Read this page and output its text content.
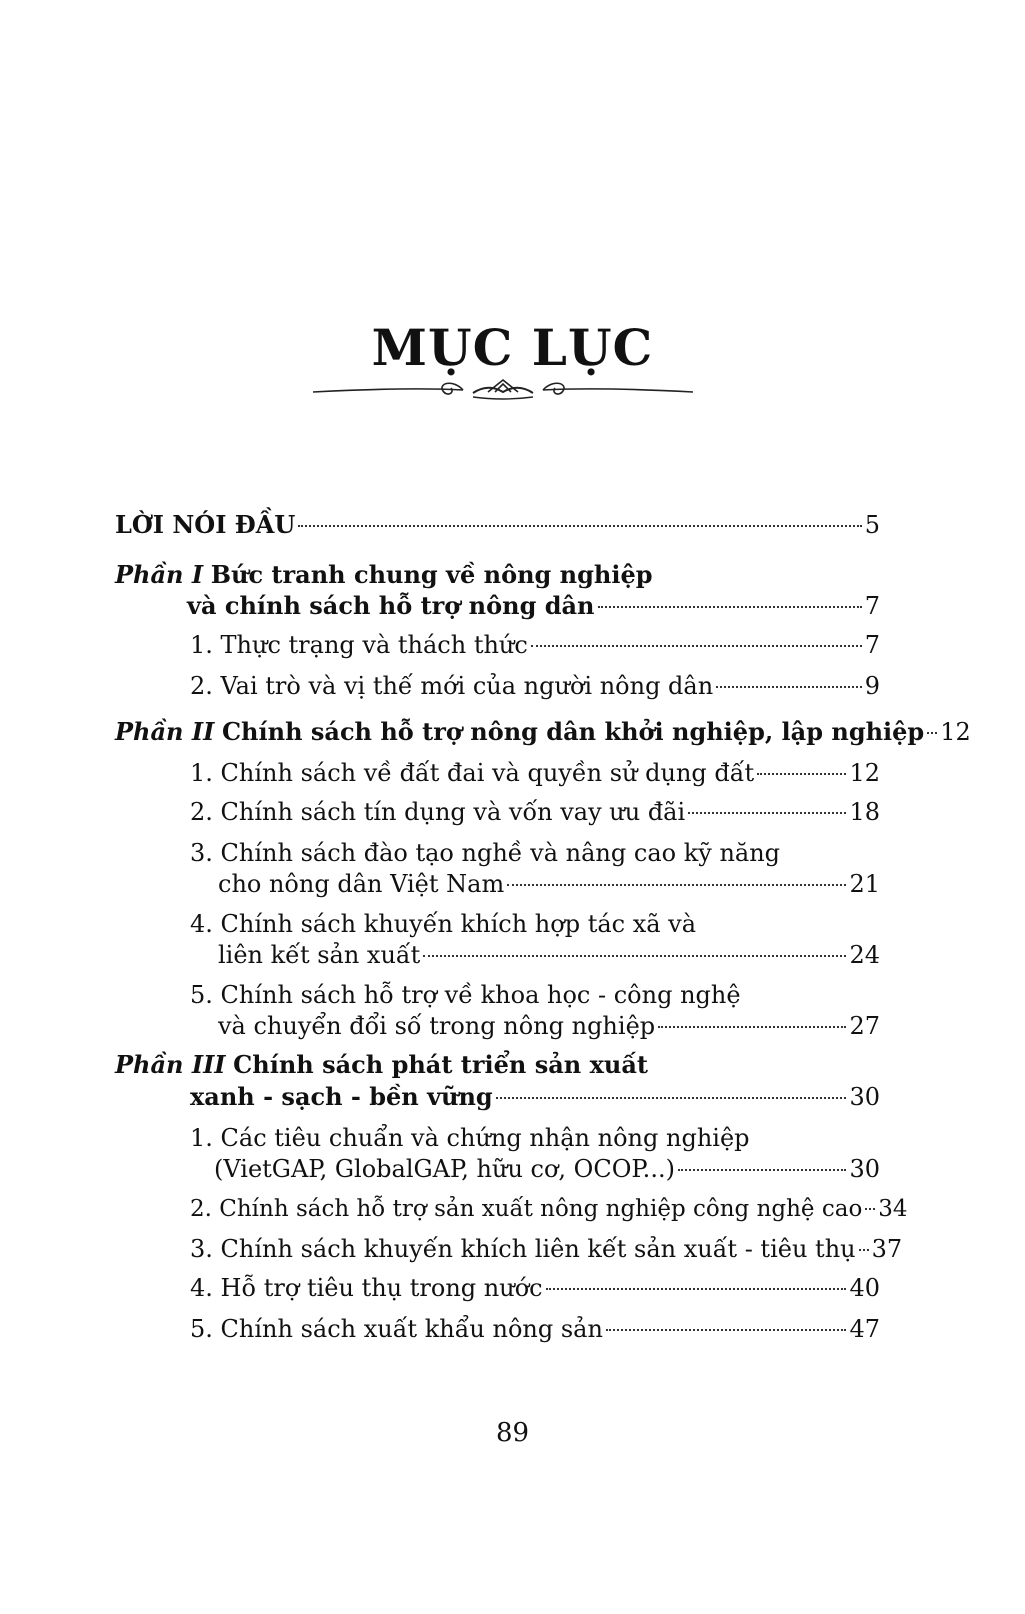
MỤC LỤC
LỜI NÓI ĐẦU	5
Phần I Bức tranh chung về nông nghiệp
và chính sách hỗ trợ nông dân	7
1. Thực trạng và thách thức	7
2. Vai trò và vị thế mới của người nông dân	9
Phần II Chính sách hỗ trợ nông dân khởi nghiệp, lập nghiệp 12
1. Chính sách về đất đai và quyền sử dụng đất	12
2. Chính sách tín dụng và vốn vay ưu đãi	18
3. Chính sách đào tạo nghề và nâng cao kỹ năng
cho nông dân Việt Nam	21
4. Chính sách khuyến khích hợp tác xã và
liên kết sản xuất	24
5. Chính sách hỗ trợ về khoa học - công nghệ
và chuyển đổi số trong nông nghiệp	27
Phần III Chính sách phát triển sản xuất
xanh - sạch - bền vững	30
1. Các tiêu chuẩn và chứng nhận nông nghiệp
(VietGAP, GlobalGAP, hữu cơ, OCOP...)	30
2. Chính sách hỗ trợ sản xuất nông nghiệp công nghệ cao 34
3. Chính sách khuyến khích liên kết sản xuất - tiêu thụ 37
4. Hỗ trợ tiêu thụ trong nước	40
5. Chính sách xuất khẩu nông sản	47
89
